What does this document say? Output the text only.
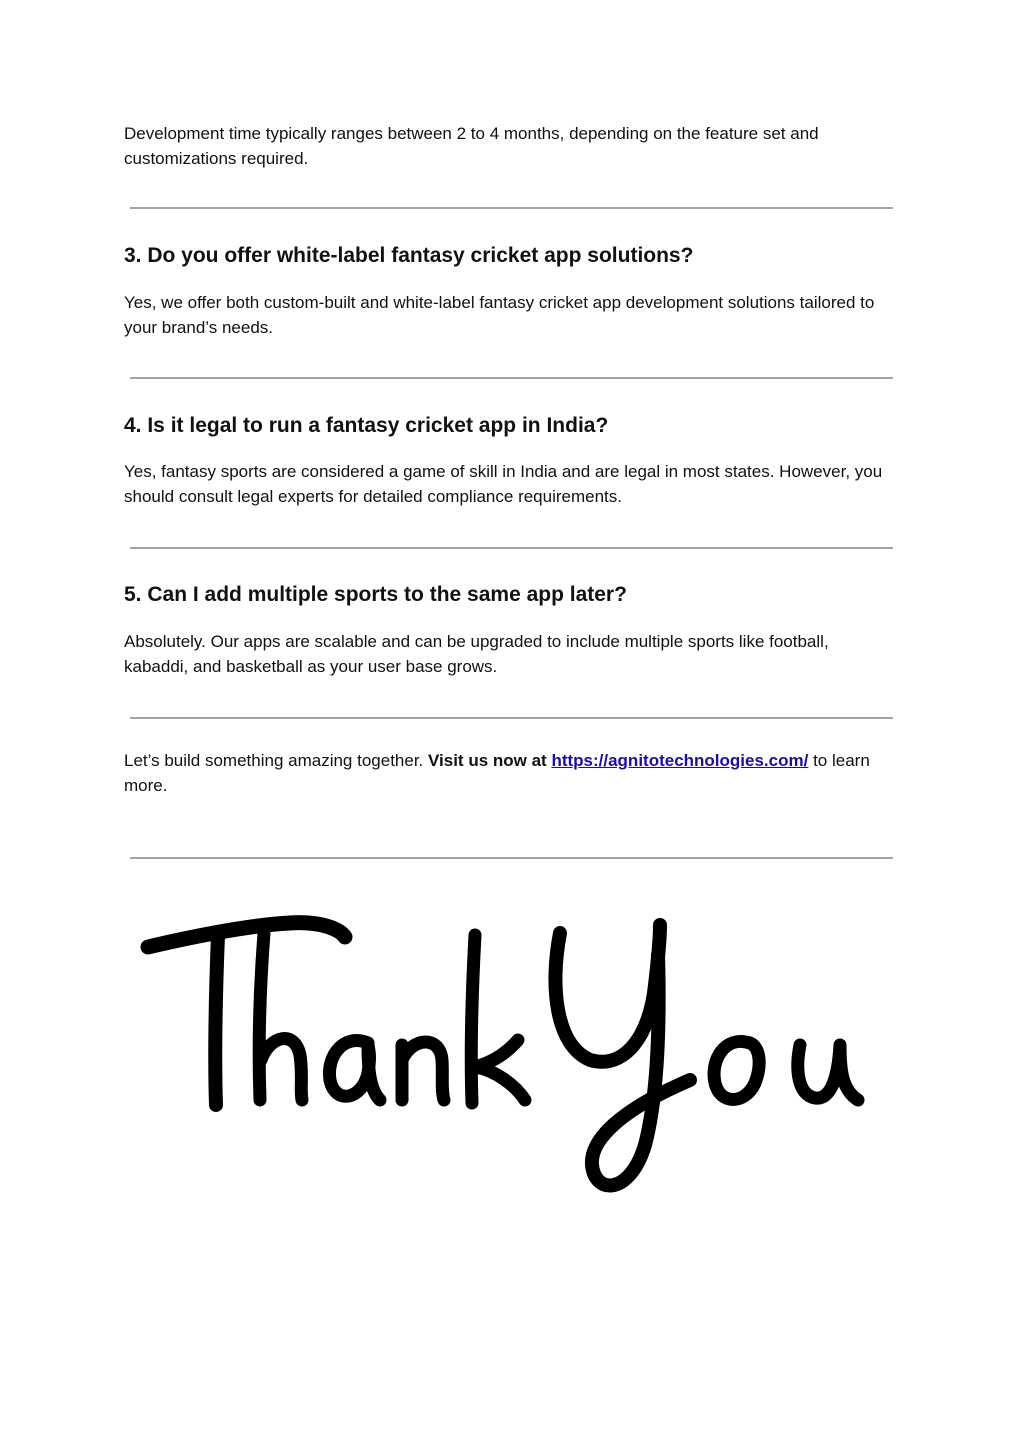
Development time typically ranges between 2 to 4 months, depending on the feature set and customizations required.

3. Do you offer white-label fantasy cricket app solutions?

Yes, we offer both custom-built and white-label fantasy cricket app development solutions tailored to your brand’s needs.

4. Is it legal to run a fantasy cricket app in India?

Yes, fantasy sports are considered a game of skill in India and are legal in most states. However, you should consult legal experts for detailed compliance requirements.

5. Can I add multiple sports to the same app later?

Absolutely. Our apps are scalable and can be upgraded to include multiple sports like football, kabaddi, and basketball as your user base grows.

Let’s build something amazing together. Visit us now at https://agnitotechnologies.com/ to learn more.
